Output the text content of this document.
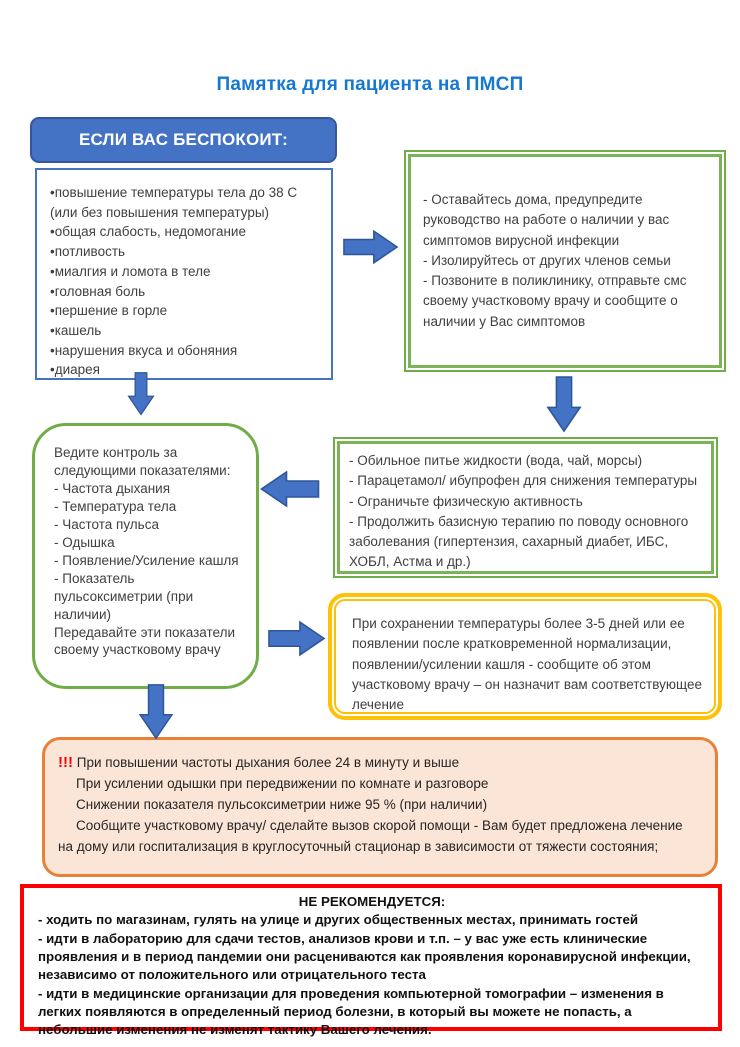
Памятка для пациента на ПМСП
ЕСЛИ ВАС БЕСПОКОИТ:

•повышение температуры тела до 38 С (или без повышения температуры)

•общая слабость, недомогание

•потливость

•миалгия и ломота в теле

•головная боль

•першение в горле

•кашель

•нарушения вкуса и обоняния

•диарея

- Оставайтесь дома, предупредите руководство на работе о наличии у вас симптомов вирусной инфекции

- Изолируйтесь от других членов семьи

- Позвоните в поликлинику, отправьте смс своему участковому врачу и сообщите о наличии у Вас симптомов

Ведите контроль за следующими показателями:

- Частота дыхания

- Температура тела

- Частота пульса

- Одышка

- Появление/Усиление кашля

- Показатель пульсоксиметрии (при наличии)

Передавайте эти показатели своему участковому врачу

- Обильное питье жидкости (вода, чай, морсы)

- Парацетамол/ ибупрофен для снижения температуры

- Ограничьте физическую активность

- Продолжить базисную терапию по поводу основного заболевания (гипертензия, сахарный диабет, ИБС, ХОБЛ, Астма и др.)

При сохранении температуры более 3-5 дней или ее появлении после кратковременной нормализации, появлении/усилении кашля - сообщите об этом участковому врачу – он назначит вам соответствующее лечение

!!! При повышении частоты дыхания более 24 в минуту и выше

При усилении одышки при передвижении по комнате и разговоре

Снижении показателя пульсоксиметрии ниже 95 % (при наличии)

Сообщите участковому врачу/ сделайте вызов скорой помощи - Вам будет предложена лечение на дому или госпитализация в круглосуточный стационар в зависимости от тяжести состояния;

НЕ РЕКОМЕНДУЕТСЯ:

- ходить по магазинам, гулять на улице и других общественных местах, принимать гостей

- идти в лабораторию для сдачи тестов, анализов крови и т.п. – у вас уже есть клинические проявления и в период пандемии они расцениваются как проявления коронавирусной инфекции, независимо от положительного или отрицательного теста

- идти в медицинские организации для проведения компьютерной томографии – изменения в легких появляются в определенный период болезни, в который вы можете не попасть, а небольшие изменения не изменят тактику Вашего лечения.
